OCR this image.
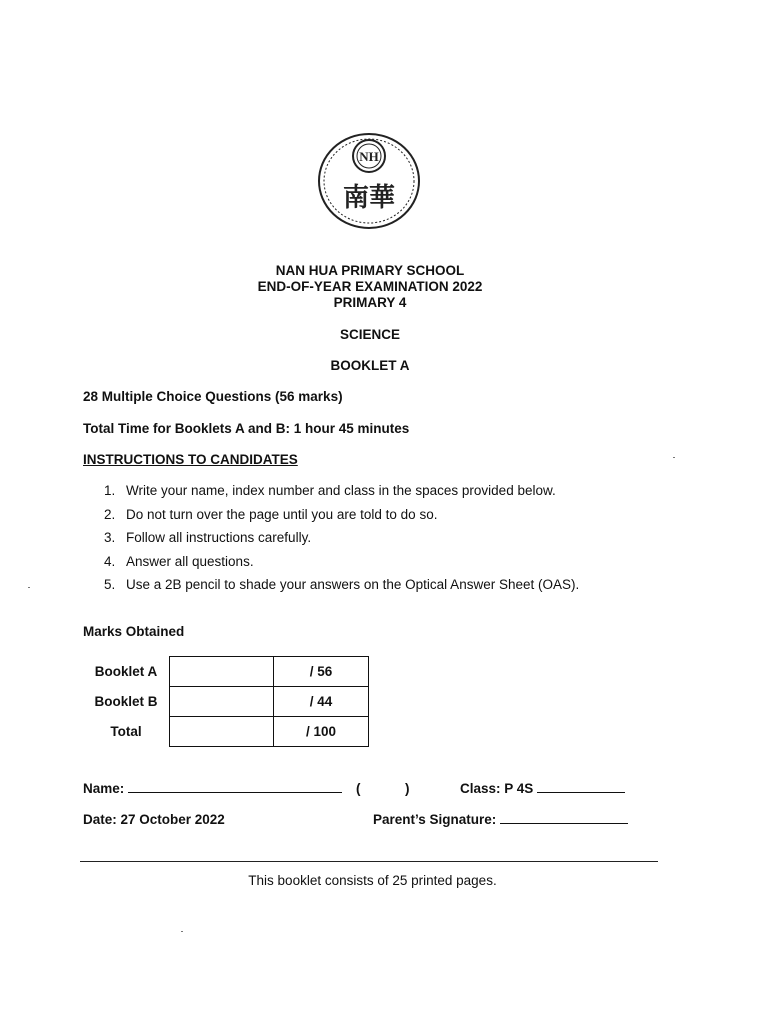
NH
南華
NAN HUA PRIMARY SCHOOL
END-OF-YEAR EXAMINATION 2022
PRIMARY 4
SCIENCE
BOOKLET A
28 Multiple Choice Questions (56 marks)
Total Time for Booklets A and B: 1 hour 45 minutes
INSTRUCTIONS TO CANDIDATES
1. Write your name, index number and class in the spaces provided below.
2. Do not turn over the page until you are told to do so.
3. Follow all instructions carefully.
4. Answer all questions.
5. Use a 2B pencil to shade your answers on the Optical Answer Sheet (OAS).
Marks Obtained
Booklet A		/ 56
Booklet B		/ 44
Total		/ 100
Name:	(	)	Class: P 4S
Date: 27 October 2022	Parent’s Signature:
This booklet consists of 25 printed pages.
